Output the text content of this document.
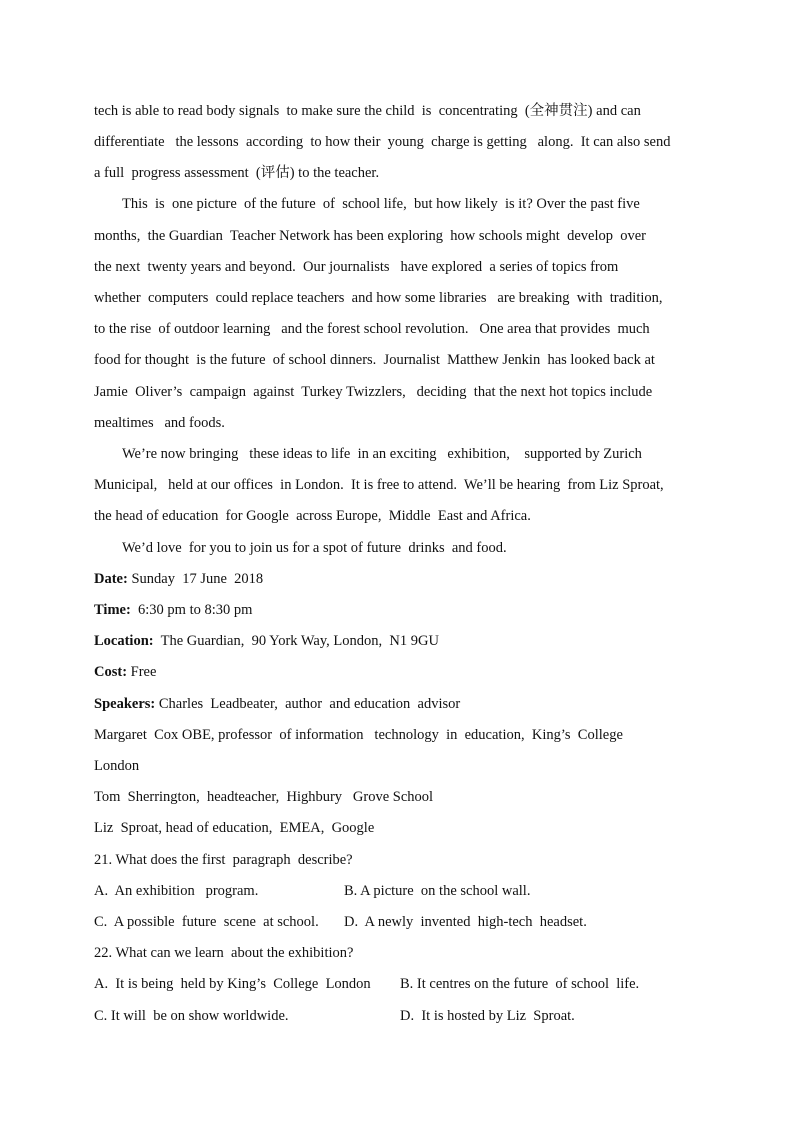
tech is able to read body signals  to make sure the child  is  concentrating  (全神贯注) and can
differentiate   the lessons  according  to how their  young  charge is getting   along.  It can also send
a full  progress assessment  (评估) to the teacher.
This  is  one picture  of the future  of  school life,  but how likely  is it? Over the past five
months,  the Guardian  Teacher Network has been exploring  how schools might  develop  over
the next  twenty years and beyond.  Our journalists   have explored  a series of topics from
whether  computers  could replace teachers  and how some libraries   are breaking  with  tradition,
to the rise  of outdoor learning   and the forest school revolution.   One area that provides  much
food for thought  is the future  of school dinners.  Journalist  Matthew Jenkin  has looked back at
Jamie  Oliver’s  campaign  against  Turkey Twizzlers,   deciding  that the next hot topics include
mealtimes   and foods.
We’re now bringing   these ideas to life  in an exciting   exhibition,    supported by Zurich
Municipal,   held at our offices  in London.  It is free to attend.  We’ll be hearing  from Liz Sproat,
the head of education  for Google  across Europe,  Middle  East and Africa.
We’d love  for you to join us for a spot of future  drinks  and food.
Date: Sunday  17 June  2018
Time:  6:30 pm to 8:30 pm
Location:  The Guardian,  90 York Way, London,  N1 9GU
Cost: Free
Speakers: Charles  Leadbeater,  author  and education  advisor
Margaret  Cox OBE, professor  of information   technology  in  education,  King’s  College
London
Tom  Sherrington,  headteacher,  Highbury   Grove School
Liz  Sproat, head of education,  EMEA,  Google
21. What does the first  paragraph  describe?
A.  An exhibition   program.	B. A picture  on the school wall.
C.  A possible  future  scene  at school. D.  A newly  invented  high-tech  headset.
22. What can we learn  about the exhibition?
A.  It is being  held by King’s  College  London B. It centres on the future  of school  life.
C. It will  be on show worldwide.	D.  It is hosted by Liz  Sproat.
